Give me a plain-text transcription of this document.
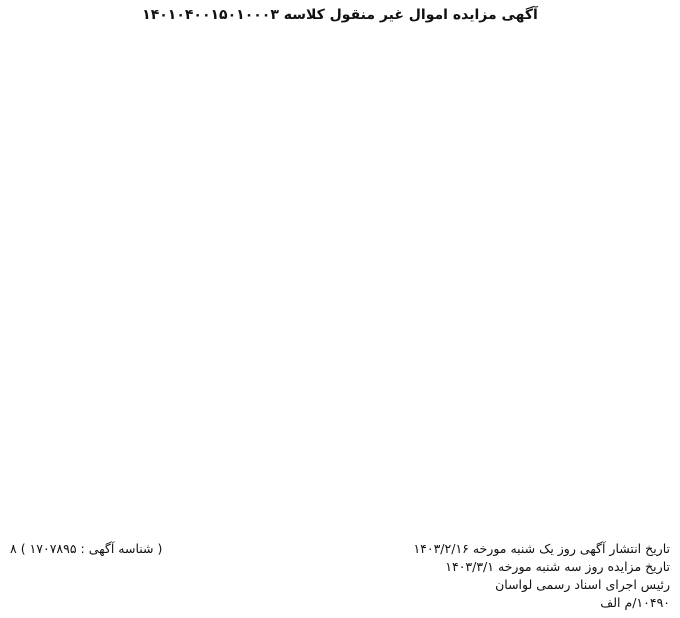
آگهی مزایده اموال غیر منقول کلاسه ۱۴۰۱۰۴۰۰۱۵۰۱۰۰۰۳

تاریخ انتشار آگهی روز یک شنبه مورخه ۱۴۰۳/۲/۱۶
( شناسه آگهی : ۱۷۰۷۸۹۵ ) ۸
تاریخ مزایده روز سه شنبه مورخه ۱۴۰۳/۳/۱
رئیس اجرای اسناد رسمی لواسان
۱۰۴۹۰/م الف
